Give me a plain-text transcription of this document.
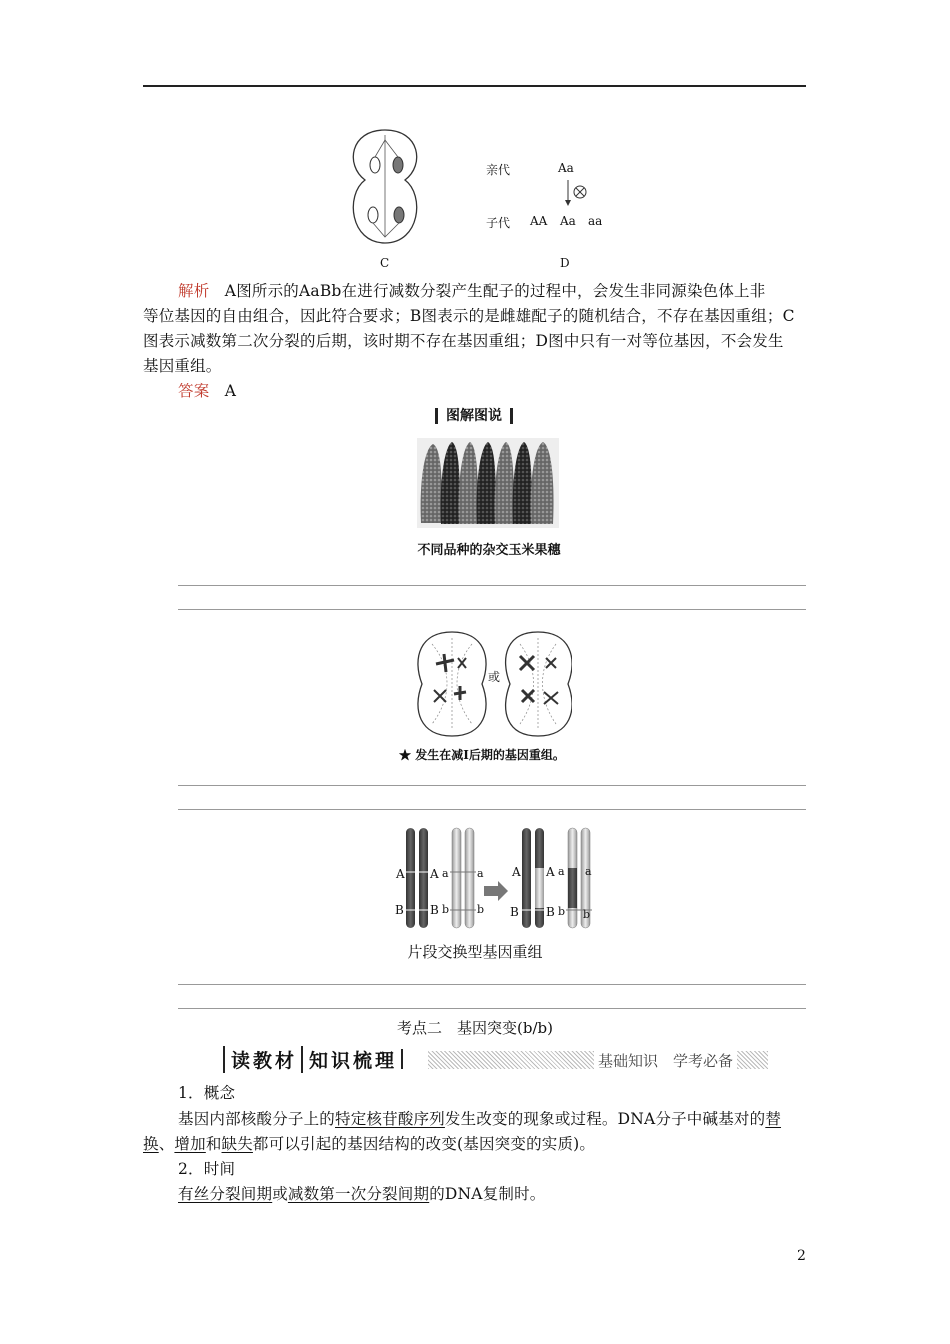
C
亲代	Aa
子代 AA Aa aa
D
解析 A图所示的AaBb在进行减数分裂产生配子的过程中，会发生非同源染色体上非
等位基因的自由组合，因此符合要求；B图表示的是雌雄配子的随机结合，不存在基因重组；C
图表示减数第二次分裂的后期，该时期不存在基因重组；D图中只有一对等位基因，不会发生
基因重组。
答案 A
图解图说
不同品种的杂交玉米果穗
或
★ 发生在减Ⅰ后期的基因重组。
A A a	a
B B b	b
A A a a
B B b b
片段交换型基因重组
考点二　基因突变(b/b)
读教材 知识梳理	基础知识　学考必备
1．概念
基因内部核酸分子上的特定核苷酸序列发生改变的现象或过程。DNA分子中碱基对的替
换、增加和缺失都可以引起的基因结构的改变(基因突变的实质)。
2．时间
有丝分裂间期或减数第一次分裂间期的DNA复制时。
2
